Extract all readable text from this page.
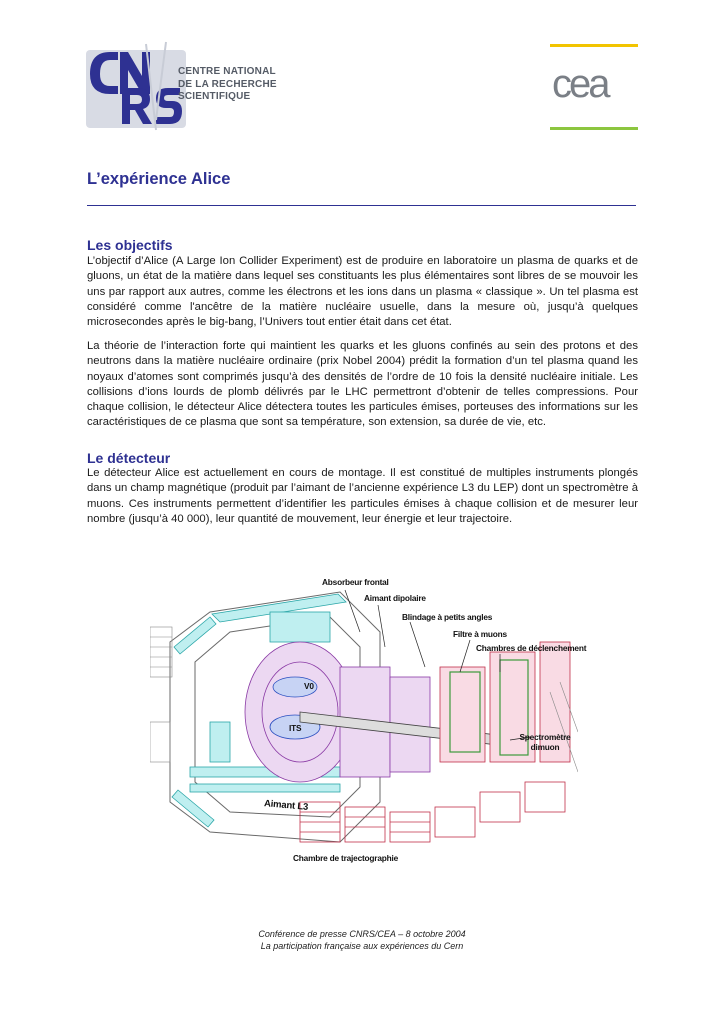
CENTRE NATIONAL
DE LA RECHERCHE
SCIENTIFIQUE	cea
L’expérience Alice
Les objectifs

L’objectif d’Alice (A Large Ion Collider Experiment) est de produire en laboratoire un plasma de quarks et de gluons, un état de la matière dans lequel ses constituants les plus élémentaires sont libres de se mouvoir les uns par rapport aux autres, comme les électrons et les ions dans un plasma « classique ». Un tel plasma est considéré comme l'ancêtre de la matière nucléaire usuelle, dans la mesure où, jusqu’à quelques microsecondes après le big-bang, l’Univers tout entier était dans cet état.

La théorie de l’interaction forte qui maintient les quarks et les gluons confinés au sein des protons et des neutrons dans la matière nucléaire ordinaire (prix Nobel 2004) prédit la formation d’un tel plasma quand les noyaux d’atomes sont comprimés jusqu’à des densités de l’ordre de 10 fois la densité nucléaire initiale. Les collisions d’ions lourds de plomb délivrés par le LHC permettront d’obtenir de telles compressions. Pour chaque collision, le détecteur Alice détectera toutes les particules émises, porteuses des informations sur les caractéristiques de ce plasma que sont sa température, son extension, sa durée de vie, etc.

Le détecteur

Le détecteur Alice est actuellement en cours de montage. Il est constitué de multiples instruments plongés dans un champ magnétique (produit par l’aimant de l’ancienne expérience L3 du LEP) dont un spectromètre à muons. Ces instruments permettent d’identifier les particules émises à chaque collision et de mesurer leur nombre (jusqu’à 40 000), leur quantité de mouvement, leur énergie et leur trajectoire.

Absorbeur frontal
Aimant dipolaire
Blindage à petits angles
Filtre à muons
Chambres de déclenchement
V0
ITS
Spectromètre dimuon
Aimant L3
Chambre de trajectographie
Conférence de presse CNRS/CEA – 8 octobre 2004
La participation française aux expériences du Cern
